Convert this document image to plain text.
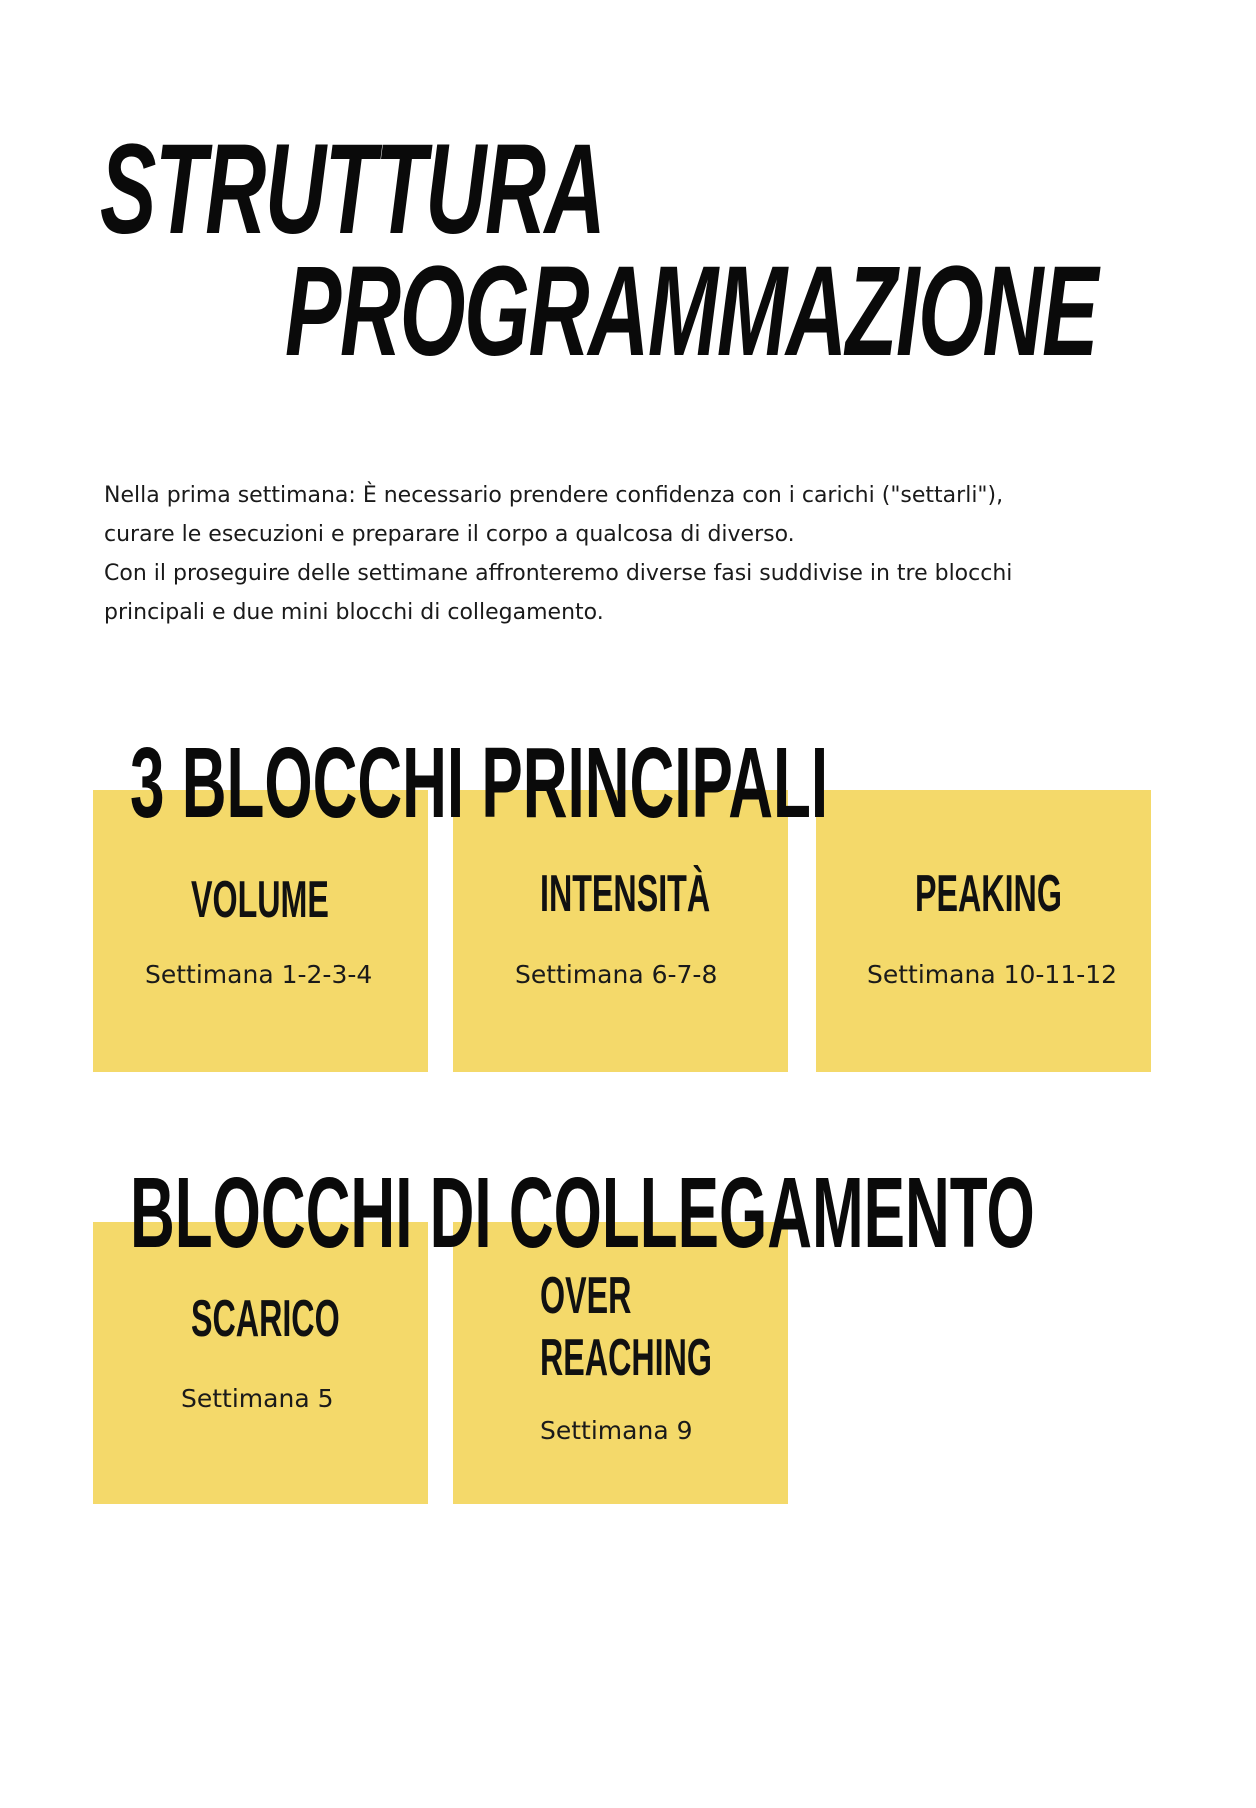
STRUTTURA
PROGRAMMAZIONE

Nella prima settimana: È necessario prendere confidenza con i carichi ("settarli"),

curare le esecuzioni e preparare il corpo a qualcosa di diverso.

Con il proseguire delle settimane affronteremo diverse fasi suddivise in tre blocchi

principali e due mini blocchi di collegamento.

3 BLOCCHI PRINCIPALI
VOLUME
Settimana 1-2-3-4
INTENSITÀ
Settimana 6-7-8
PEAKING
Settimana 10-11-12
BLOCCHI DI COLLEGAMENTO
SCARICO
Settimana 5
OVER
REACHING
Settimana 9
